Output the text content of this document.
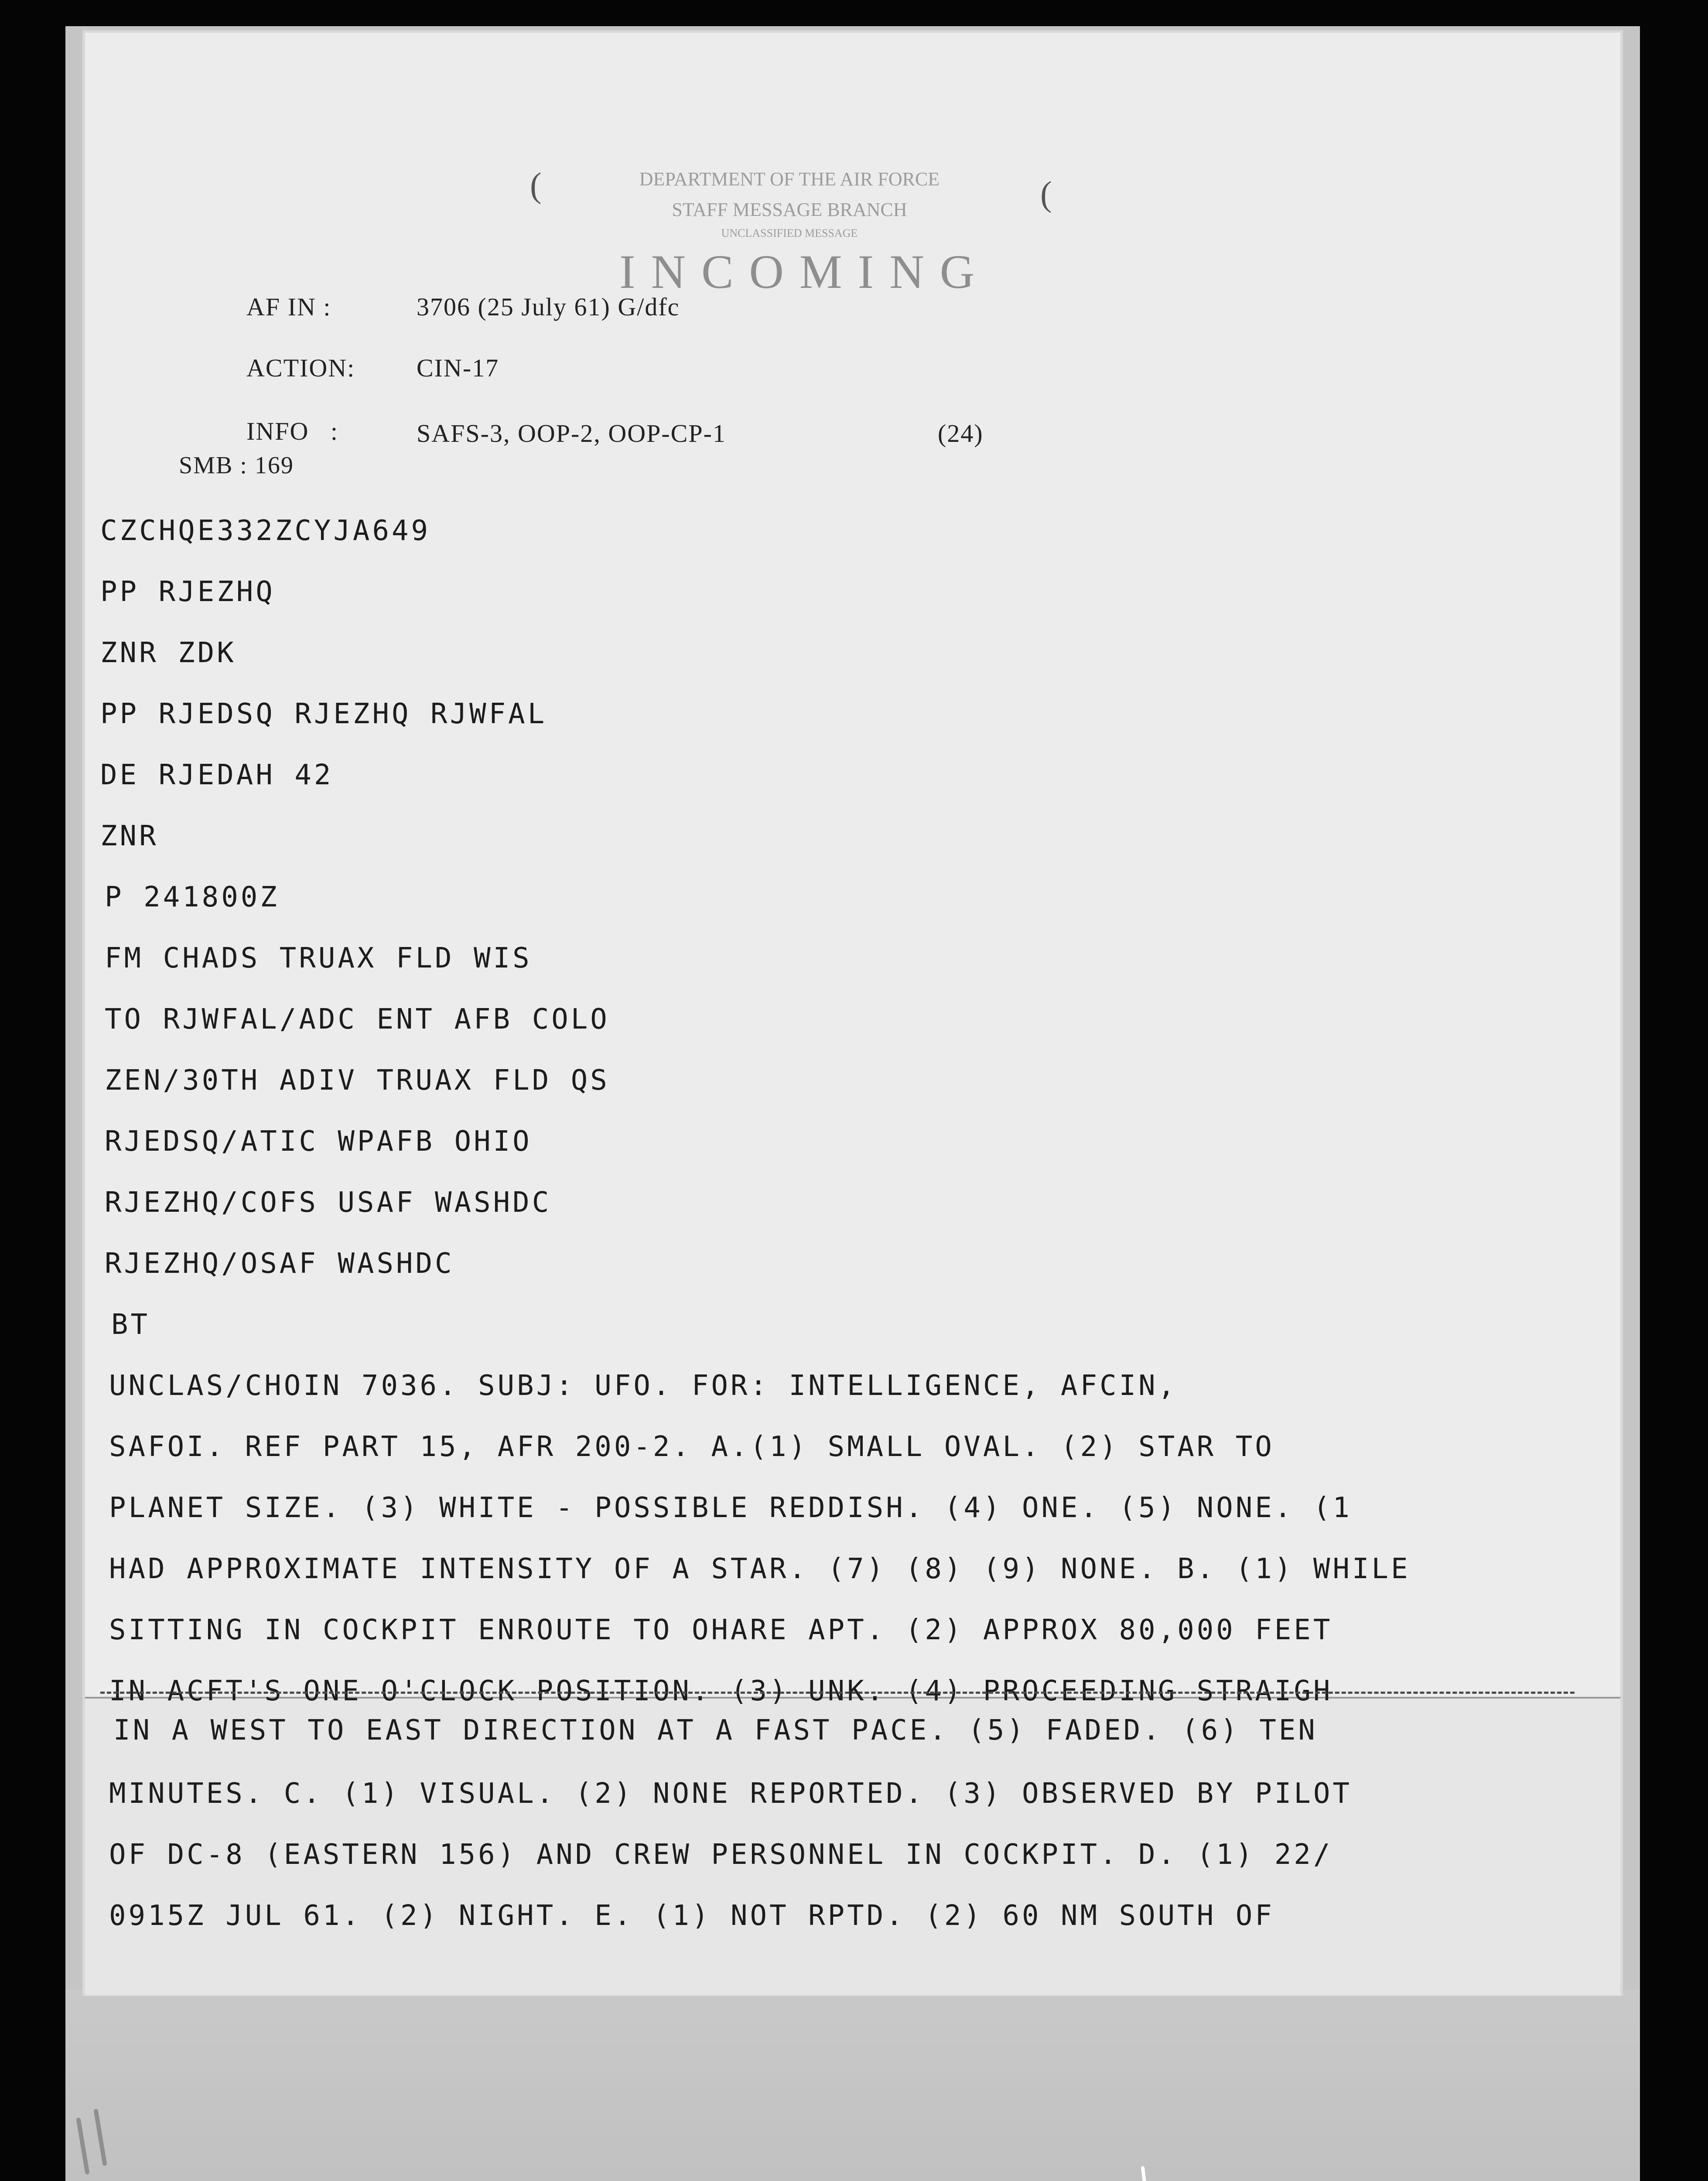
DEPARTMENT OF THE AIR FORCE
STAFF MESSAGE BRANCH
UNCLASSIFIED MESSAGE
INCOMING
(	(
AF IN :	3706 (25 July 61) G/dfc
ACTION: CIN-17
INFO   :	SAFS-3, OOP-2, OOP-CP-1	(24)
SMB : 169
CZCHQE332ZCYJA649
PP RJEZHQ
ZNR ZDK
PP RJEDSQ RJEZHQ RJWFAL
DE RJEDAH 42
ZNR
P 241800Z
FM CHADS TRUAX FLD WIS
TO RJWFAL/ADC ENT AFB COLO
ZEN/30TH ADIV TRUAX FLD QS
RJEDSQ/ATIC WPAFB OHIO
RJEZHQ/COFS USAF WASHDC
RJEZHQ/OSAF WASHDC
BT
UNCLAS/CHOIN 7036. SUBJ: UFO. FOR: INTELLIGENCE, AFCIN,
SAFOI. REF PART 15, AFR 200-2. A.(1) SMALL OVAL. (2) STAR TO
PLANET SIZE. (3) WHITE - POSSIBLE REDDISH. (4) ONE. (5) NONE. (1
HAD APPROXIMATE INTENSITY OF A STAR. (7) (8) (9) NONE. B. (1) WHILE
SITTING IN COCKPIT ENROUTE TO OHARE APT. (2) APPROX 80,000 FEET
IN ACFT'S ONE O'CLOCK POSITION. (3) UNK. (4) PROCEEDING STRAIGH
IN A WEST TO EAST DIRECTION AT A FAST PACE. (5) FADED. (6) TEN
MINUTES. C. (1) VISUAL. (2) NONE REPORTED. (3) OBSERVED BY PILOT
OF DC-8 (EASTERN 156) AND CREW PERSONNEL IN COCKPIT. D. (1) 22/
0915Z JUL 61. (2) NIGHT. E. (1) NOT RPTD. (2) 60 NM SOUTH OF
